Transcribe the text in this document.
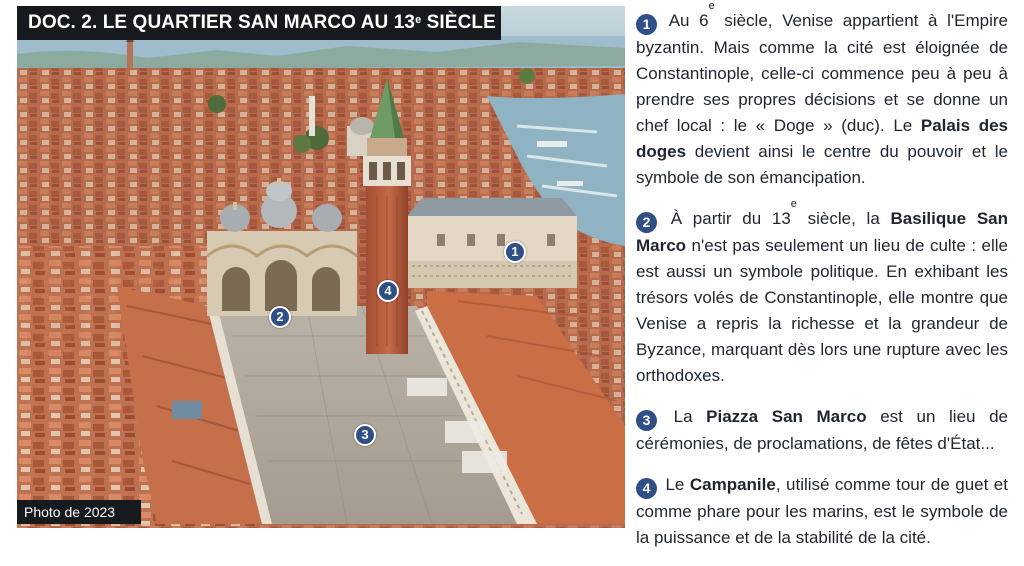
DOC. 2. LE QUARTIER SAN MARCO AU 13e SIÈCLE
Photo de 2023
1
2
3
4

1 Au 6e siècle, Venise appartient à l'Empire byzantin. Mais comme la cité est éloignée de Constantinople, celle-ci commence peu à peu à prendre ses propres décisions et se donne un chef local : le « Doge » (duc). Le Palais des doges devient ainsi le centre du pouvoir et le symbole de son émancipation.

2 À partir du 13e siècle, la Basilique San Marco n'est pas seulement un lieu de culte : elle est aussi un symbole politique. En exhibant les trésors volés de Constantinople, elle montre que Venise a repris la richesse et la grandeur de Byzance, marquant dès lors une rupture avec les orthodoxes.

3 La Piazza San Marco est un lieu de cérémonies, de proclamations, de fêtes d'État...

4 Le Campanile, utilisé comme tour de guet et comme phare pour les marins, est le symbole de la puissance et de la stabilité de la cité.
